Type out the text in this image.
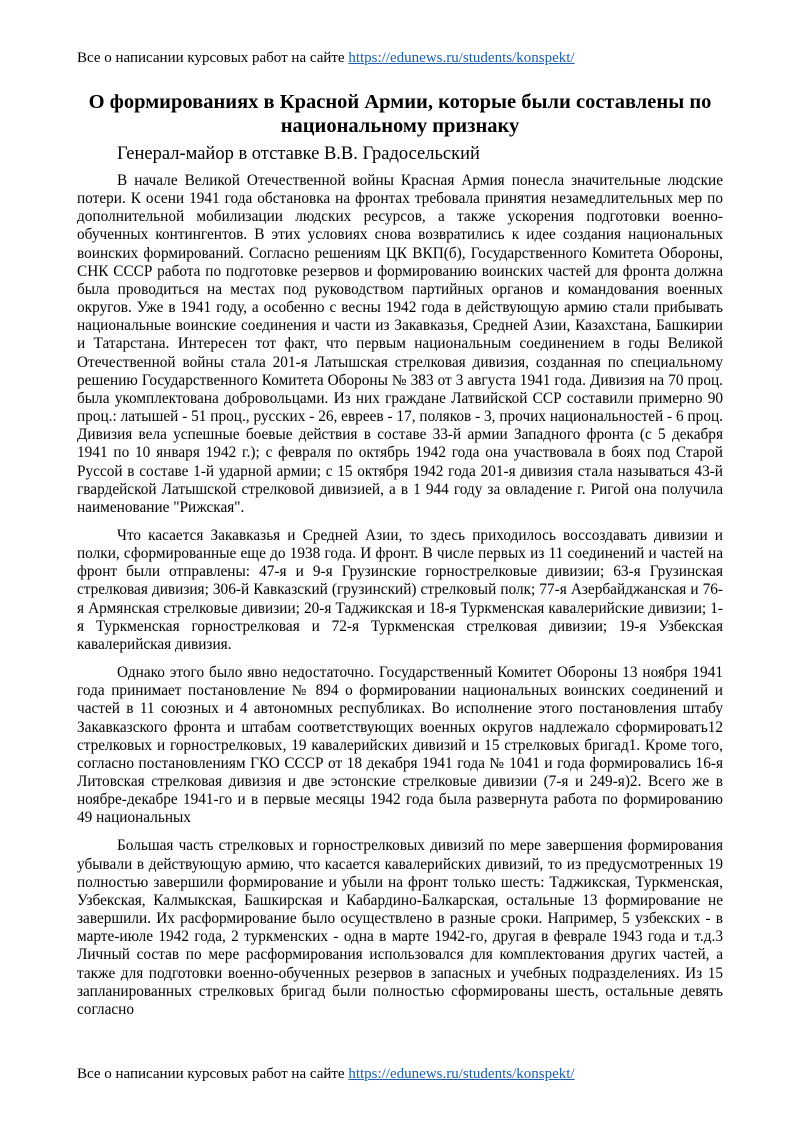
Все о написании курсовых работ на сайте https://edunews.ru/students/konspekt/
О формированиях в Красной Армии, которые были составлены по национальному признаку
Генерал-майор в отставке В.В. Градосельский

В начале Великой Отечественной войны Красная Армия понесла значительные людские потери. К осени 1941 года обстановка на фронтах требовала принятия незамедлительных мер по дополнительной мобилизации людских ресурсов, а также ускорения подготовки военно-обученных контингентов. В этих условиях снова возвратились к идее создания национальных воинских формирований. Согласно решениям ЦК ВКП(б), Государственного Комитета Обороны, СНК СССР работа по подготовке резервов и формированию воинских частей для фронта должна была проводиться на местах под руководством партийных органов и командования военных округов. Уже в 1941 году, а особенно с весны 1942 года в действующую армию стали прибывать национальные воинские соединения и части из Закавказья, Средней Азии, Казахстана, Башкирии и Татарстана. Интересен тот факт, что первым национальным соединением в годы Великой Отечественной войны стала 201-я Латышская стрелковая дивизия, созданная по специальному решению Государственного Комитета Обороны № 383 от 3 августа 1941 года. Дивизия на 70 проц. была укомплектована добровольцами. Из них граждане Латвийской ССР составили примерно 90 проц.: латышей - 51 проц., русских - 26, евреев - 17, поляков - 3, прочих национальностей - 6 проц. Дивизия вела успешные боевые действия в составе 33-й армии Западного фронта (с 5 декабря 1941 по 10 января 1942 г.); с февраля по октябрь 1942 года она участвовала в боях под Старой Руссой в составе 1-й ударной армии; с 15 октября 1942 года 201-я дивизия стала называться 43-й гвардейской Латышской стрелковой дивизией, а в 1 944 году за овладение г. Ригой она получила наименование "Рижская".

Что касается Закавказья и Средней Азии, то здесь приходилось воссоздавать дивизии и полки, сформированные еще до 1938 года. И фронт. В числе первых из 11 соединений и частей на фронт были отправлены: 47-я и 9-я Грузинские горнострелковые дивизии; 63-я Грузинская стрелковая дивизия; 306-й Кавказский (грузинский) стрелковый полк; 77-я Азербайджанская и 76-я Армянская стрелковые дивизии; 20-я Таджикская и 18-я Туркменская кавалерийские дивизии; 1-я Туркменская горнострелковая и 72-я Туркменская стрелковая дивизии; 19-я Узбекская кавалерийская дивизия.

Однако этого было явно недостаточно. Государственный Комитет Обороны 13 ноября 1941 года принимает постановление № 894 о формировании национальных воинских соединений и частей в 11 союзных и 4 автономных республиках. Во исполнение этого постановления штабу Закавказского фронта и штабам соответствующих военных округов надлежало сформировать12 стрелковых и горнострелковых, 19 кавалерийских дивизий и 15 стрелковых бригад1. Кроме того, согласно постановлениям ГКО СССР от 18 декабря 1941 года № 1041 и года формировались 16-я Литовская стрелковая дивизия и две эстонские стрелковые дивизии (7-я и 249-я)2. Всего же в ноябре-декабре 1941-го и в первые месяцы 1942 года была развернута работа по формированию 49 национальных

Большая часть стрелковых и горнострелковых дивизий по мере завершения формирования убывали в действующую армию, что касается кавалерийских дивизий, то из предусмотренных 19 полностью завершили формирование и убыли на фронт только шесть: Таджикская, Туркменская, Узбекская, Калмыкская, Башкирская и Кабардино-Балкарская, остальные 13 формирование не завершили. Их расформирование было осуществлено в разные сроки. Например, 5 узбекских - в марте-июле 1942 года, 2 туркменских - одна в марте 1942-го, другая в феврале 1943 года и т.д.3 Личный состав по мере расформирования использовался для комплектования других частей, а также для подготовки военно-обученных резервов в запасных и учебных подразделениях. Из 15 запланированных стрелковых бригад были полностью сформированы шесть, остальные девять согласно

Все о написании курсовых работ на сайте https://edunews.ru/students/konspekt/
